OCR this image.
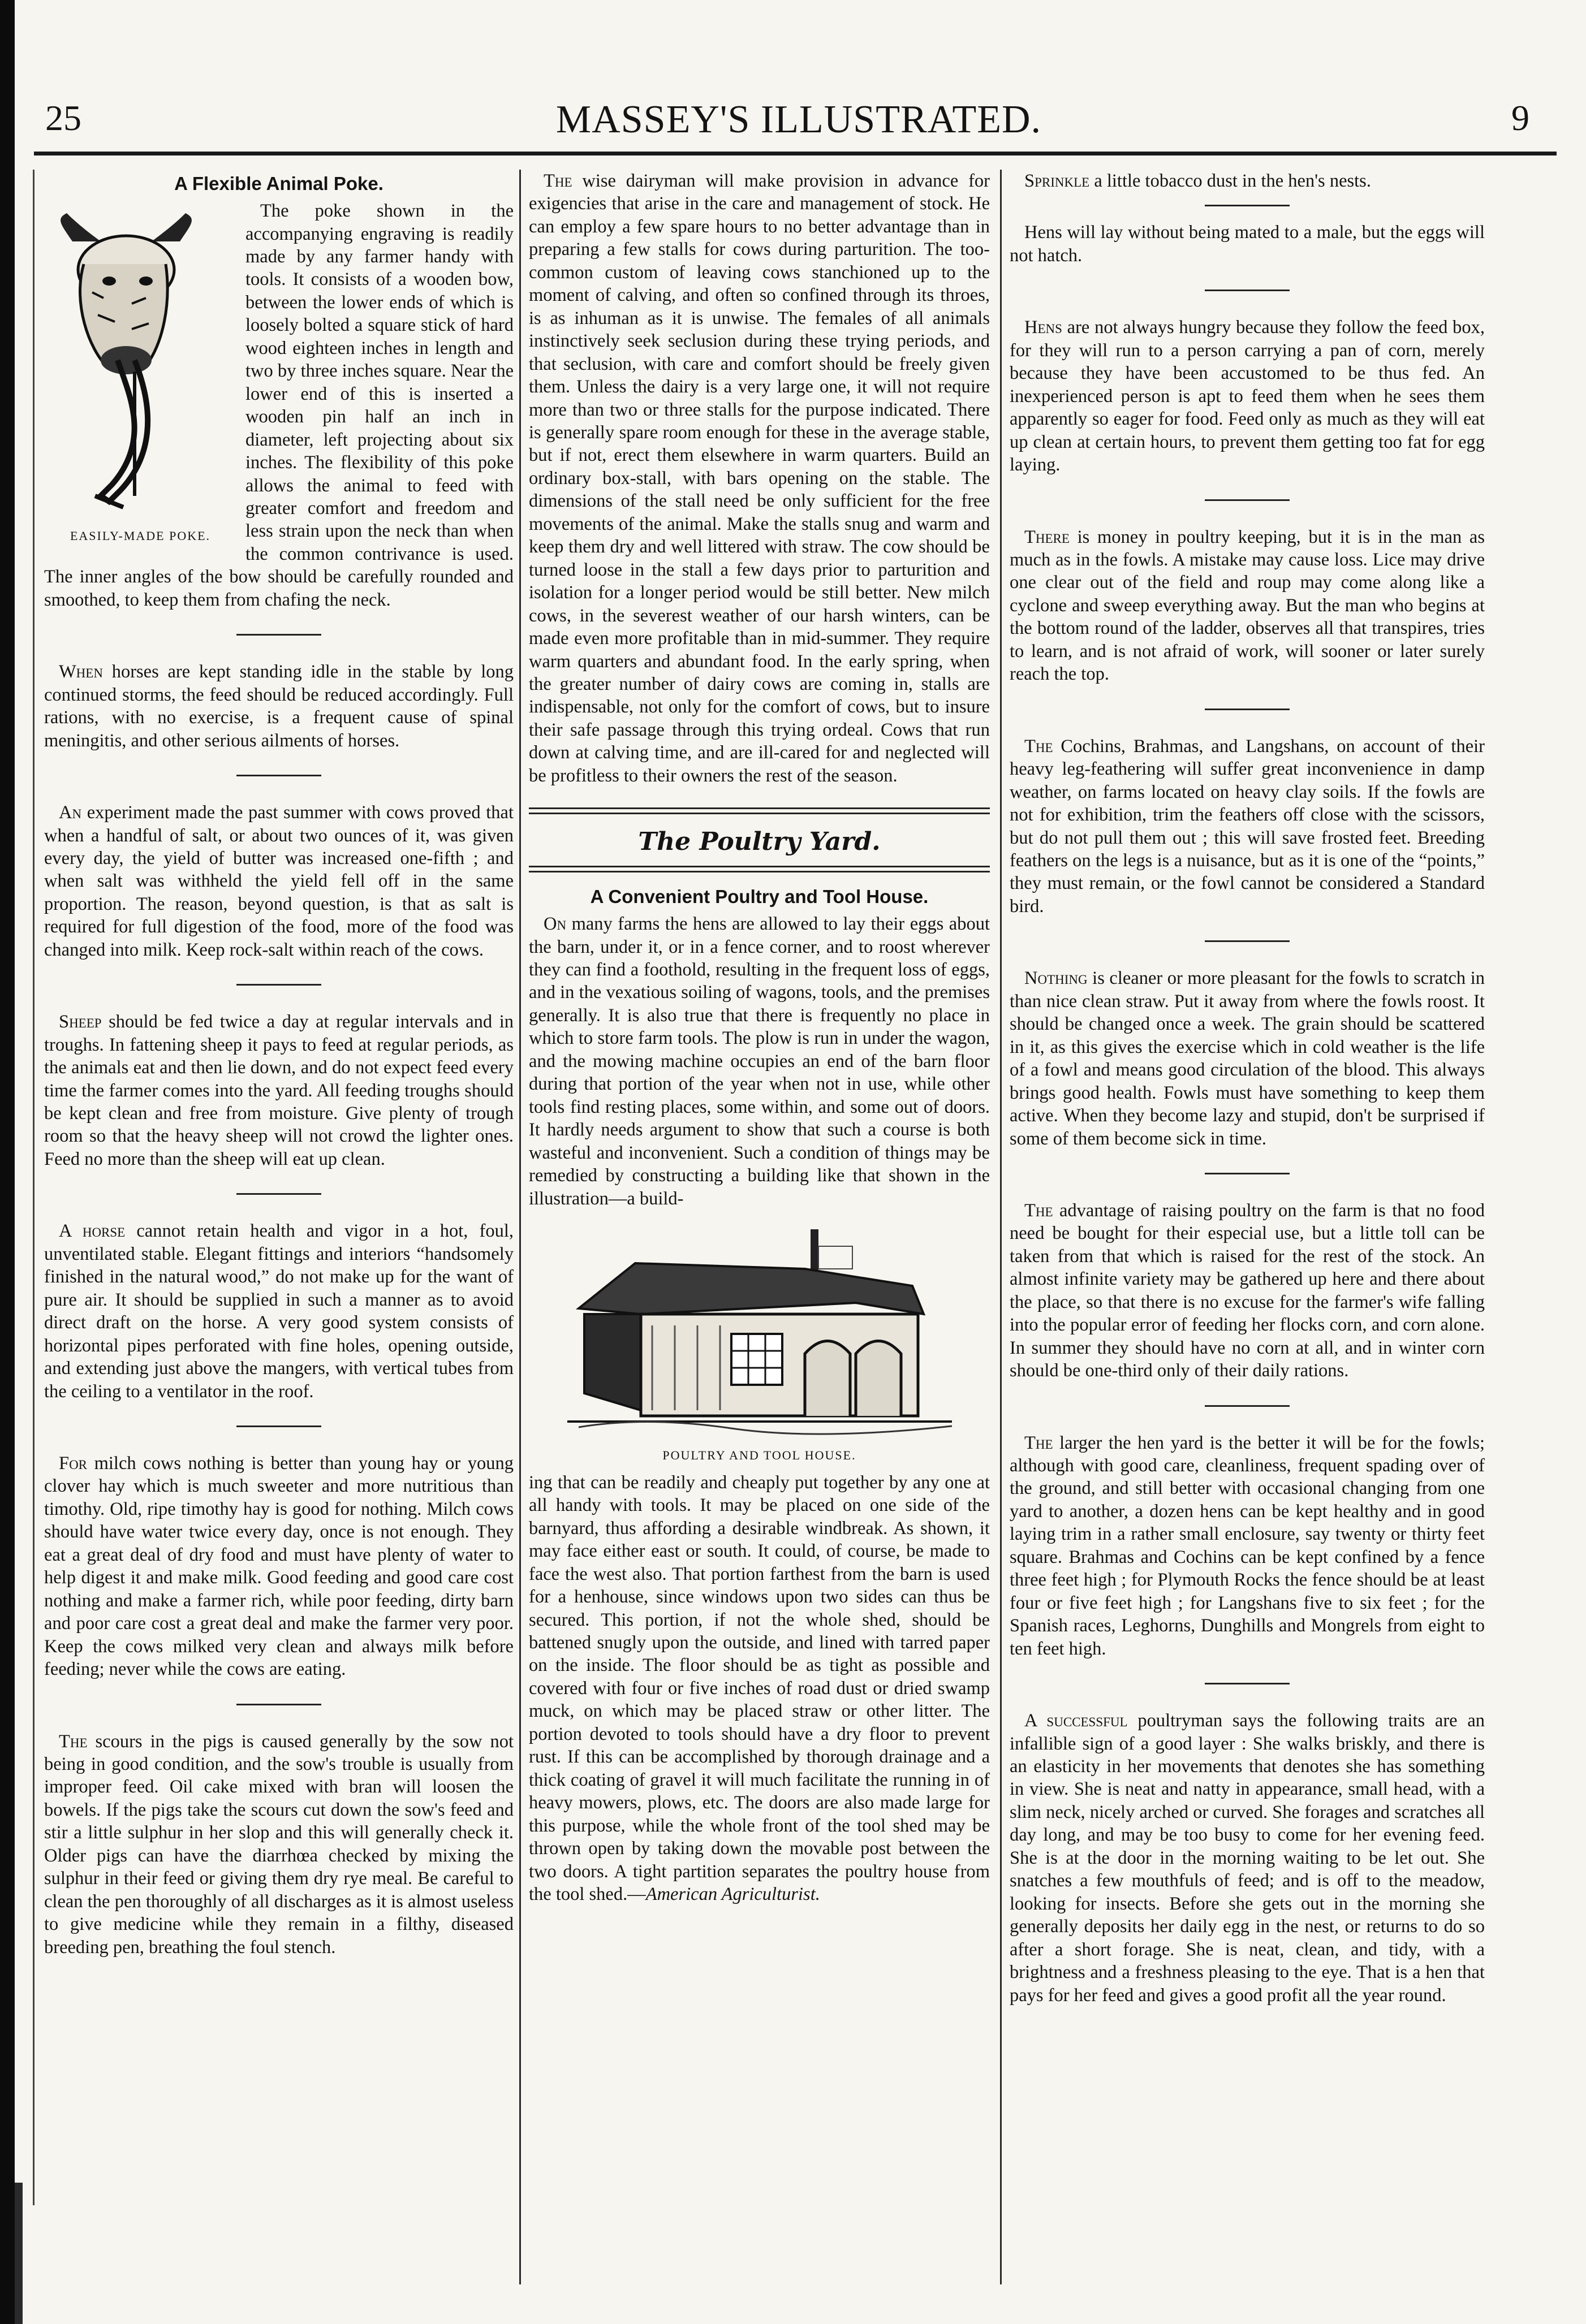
25	MASSEY'S ILLUSTRATED.	9
A Flexible Animal Poke.
EASILY-MADE POKE.

The poke shown in the accompanying engraving is readily made by any farmer handy with tools. It consists of a wooden bow, between the lower ends of which is loosely bolted a square stick of hard wood eighteen inches in length and two by three inches square. Near the lower end of this is inserted a wooden pin half an inch in diameter, left projecting about six inches. The flexibility of this poke allows the animal to feed with greater comfort and freedom and less strain upon the neck than when the common contrivance is used. The inner angles of the bow should be carefully rounded and smoothed, to keep them from chafing the neck.

When horses are kept standing idle in the stable by long continued storms, the feed should be reduced accordingly. Full rations, with no exercise, is a frequent cause of spinal meningitis, and other serious ailments of horses.

An experiment made the past summer with cows proved that when a handful of salt, or about two ounces of it, was given every day, the yield of butter was increased one-fifth ; and when salt was withheld the yield fell off in the same proportion. The reason, beyond question, is that as salt is required for full digestion of the food, more of the food was changed into milk. Keep rock-salt within reach of the cows.

Sheep should be fed twice a day at regular intervals and in troughs. In fattening sheep it pays to feed at regular periods, as the animals eat and then lie down, and do not expect feed every time the farmer comes into the yard. All feeding troughs should be kept clean and free from moisture. Give plenty of trough room so that the heavy sheep will not crowd the lighter ones. Feed no more than the sheep will eat up clean.

A horse cannot retain health and vigor in a hot, foul, unventilated stable. Elegant fittings and interiors “handsomely finished in the natural wood,” do not make up for the want of pure air. It should be supplied in such a manner as to avoid direct draft on the horse. A very good system consists of horizontal pipes perforated with fine holes, opening outside, and extending just above the mangers, with vertical tubes from the ceiling to a ventilator in the roof.

For milch cows nothing is better than young hay or young clover hay which is much sweeter and more nutritious than timothy. Old, ripe timothy hay is good for nothing. Milch cows should have water twice every day, once is not enough. They eat a great deal of dry food and must have plenty of water to help digest it and make milk. Good feeding and good care cost nothing and make a farmer rich, while poor feeding, dirty barn and poor care cost a great deal and make the farmer very poor. Keep the cows milked very clean and always milk before feeding; never while the cows are eating.

The scours in the pigs is caused generally by the sow not being in good condition, and the sow's trouble is usually from improper feed. Oil cake mixed with bran will loosen the bowels. If the pigs take the scours cut down the sow's feed and stir a little sulphur in her slop and this will generally check it. Older pigs can have the diarrhœa checked by mixing the sulphur in their feed or giving them dry rye meal. Be careful to clean the pen thoroughly of all discharges as it is almost useless to give medicine while they remain in a filthy, diseased breeding pen, breathing the foul stench.

The wise dairyman will make provision in advance for exigencies that arise in the care and management of stock. He can employ a few spare hours to no better advantage than in preparing a few stalls for cows during parturition. The too-common custom of leaving cows stanchioned up to the moment of calving, and often so confined through its throes, is as inhuman as it is unwise. The females of all animals instinctively seek seclusion during these trying periods, and that seclusion, with care and comfort should be freely given them. Unless the dairy is a very large one, it will not require more than two or three stalls for the purpose indicated. There is generally spare room enough for these in the average stable, but if not, erect them elsewhere in warm quarters. Build an ordinary box-stall, with bars opening on the stable. The dimensions of the stall need be only sufficient for the free movements of the animal. Make the stalls snug and warm and keep them dry and well littered with straw. The cow should be turned loose in the stall a few days prior to parturition and isolation for a longer period would be still better. New milch cows, in the severest weather of our harsh winters, can be made even more profitable than in mid-summer. They require warm quarters and abundant food. In the early spring, when the greater number of dairy cows are coming in, stalls are indispensable, not only for the comfort of cows, but to insure their safe passage through this trying ordeal. Cows that run down at calving time, and are ill-cared for and neglected will be profitless to their owners the rest of the season.

The Poultry Yard.
A Convenient Poultry and Tool House.

On many farms the hens are allowed to lay their eggs about the barn, under it, or in a fence corner, and to roost wherever they can find a foothold, resulting in the frequent loss of eggs, and in the vexatious soiling of wagons, tools, and the premises generally. It is also true that there is frequently no place in which to store farm tools. The plow is run in under the wagon, and the mowing machine occupies an end of the barn floor during that portion of the year when not in use, while other tools find resting places, some within, and some out of doors. It hardly needs argument to show that such a course is both wasteful and inconvenient. Such a condition of things may be remedied by constructing a building like that shown in the illustration—a build-

POULTRY AND TOOL HOUSE.

ing that can be readily and cheaply put together by any one at all handy with tools. It may be placed on one side of the barnyard, thus affording a desirable windbreak. As shown, it may face either east or south. It could, of course, be made to face the west also. That portion farthest from the barn is used for a henhouse, since windows upon two sides can thus be secured. This portion, if not the whole shed, should be battened snugly upon the outside, and lined with tarred paper on the inside. The floor should be as tight as possible and covered with four or five inches of road dust or dried swamp muck, on which may be placed straw or other litter. The portion devoted to tools should have a dry floor to prevent rust. If this can be accomplished by thorough drainage and a thick coating of gravel it will much facilitate the running in of heavy mowers, plows, etc. The doors are also made large for this purpose, while the whole front of the tool shed may be thrown open by taking down the movable post between the two doors. A tight partition separates the poultry house from the tool shed.—American Agriculturist.

Sprinkle a little tobacco dust in the hen's nests.

Hens will lay without being mated to a male, but the eggs will not hatch.

Hens are not always hungry because they follow the feed box, for they will run to a person carrying a pan of corn, merely because they have been accustomed to be thus fed. An inexperienced person is apt to feed them when he sees them apparently so eager for food. Feed only as much as they will eat up clean at certain hours, to prevent them getting too fat for egg laying.

There is money in poultry keeping, but it is in the man as much as in the fowls. A mistake may cause loss. Lice may drive one clear out of the field and roup may come along like a cyclone and sweep everything away. But the man who begins at the bottom round of the ladder, observes all that transpires, tries to learn, and is not afraid of work, will sooner or later surely reach the top.

The Cochins, Brahmas, and Langshans, on account of their heavy leg-feathering will suffer great inconvenience in damp weather, on farms located on heavy clay soils. If the fowls are not for exhibition, trim the feathers off close with the scissors, but do not pull them out ; this will save frosted feet. Breeding feathers on the legs is a nuisance, but as it is one of the “points,” they must remain, or the fowl cannot be considered a Standard bird.

Nothing is cleaner or more pleasant for the fowls to scratch in than nice clean straw. Put it away from where the fowls roost. It should be changed once a week. The grain should be scattered in it, as this gives the exercise which in cold weather is the life of a fowl and means good circulation of the blood. This always brings good health. Fowls must have something to keep them active. When they become lazy and stupid, don't be surprised if some of them become sick in time.

The advantage of raising poultry on the farm is that no food need be bought for their especial use, but a little toll can be taken from that which is raised for the rest of the stock. An almost infinite variety may be gathered up here and there about the place, so that there is no excuse for the farmer's wife falling into the popular error of feeding her flocks corn, and corn alone. In summer they should have no corn at all, and in winter corn should be one-third only of their daily rations.

The larger the hen yard is the better it will be for the fowls; although with good care, cleanliness, frequent spading over of the ground, and still better with occasional changing from one yard to another, a dozen hens can be kept healthy and in good laying trim in a rather small enclosure, say twenty or thirty feet square. Brahmas and Cochins can be kept confined by a fence three feet high ; for Plymouth Rocks the fence should be at least four or five feet high ; for Langshans five to six feet ; for the Spanish races, Leghorns, Dunghills and Mongrels from eight to ten feet high.

A successful poultryman says the following traits are an infallible sign of a good layer : She walks briskly, and there is an elasticity in her movements that denotes she has something in view. She is neat and natty in appearance, small head, with a slim neck, nicely arched or curved. She forages and scratches all day long, and may be too busy to come for her evening feed. She is at the door in the morning waiting to be let out. She snatches a few mouthfuls of feed; and is off to the meadow, looking for insects. Before she gets out in the morning she generally deposits her daily egg in the nest, or returns to do so after a short forage. She is neat, clean, and tidy, with a brightness and a freshness pleasing to the eye. That is a hen that pays for her feed and gives a good profit all the year round.
